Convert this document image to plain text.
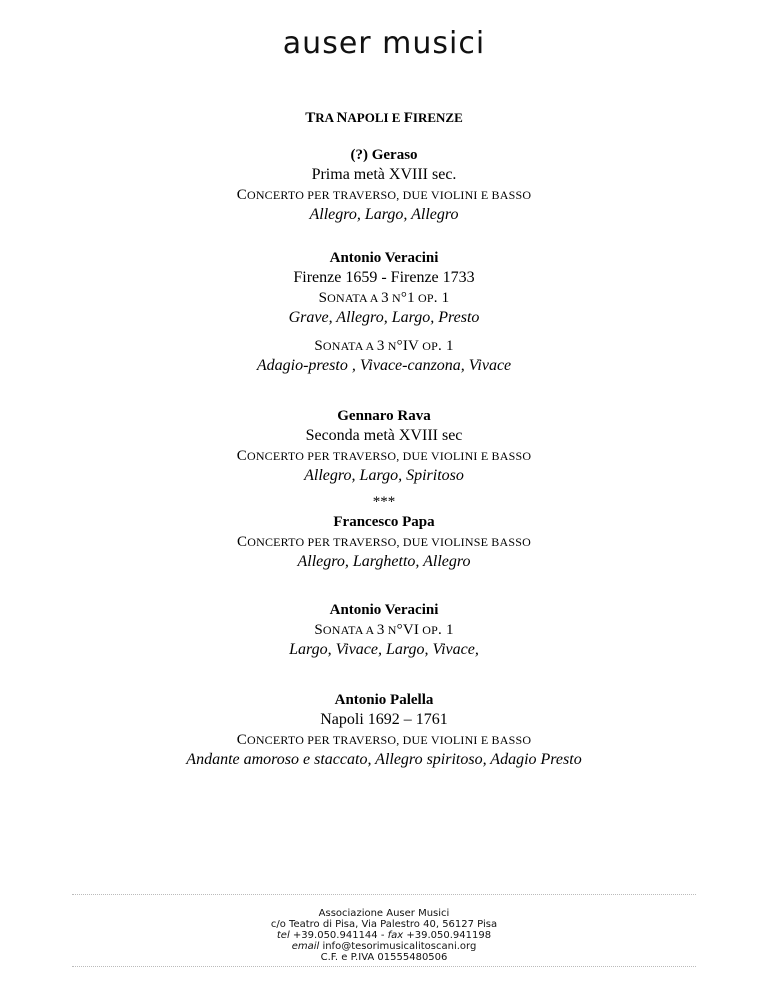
auser musici
TRA NAPOLI E FIRENZE
(?) Geraso
Prima metà XVIII sec.
CONCERTO PER TRAVERSO, DUE VIOLINI E BASSO
Allegro, Largo, Allegro
Antonio Veracini
Firenze 1659 - Firenze 1733
SONATA A 3 N°1 OP. 1
Grave, Allegro, Largo, Presto
SONATA A 3 N°IV OP. 1
Adagio-presto , Vivace-canzona, Vivace
Gennaro Rava
Seconda metà XVIII sec
CONCERTO PER TRAVERSO, DUE VIOLINI E BASSO
Allegro, Largo, Spiritoso
***
Francesco Papa
CONCERTO PER TRAVERSO, DUE VIOLINSE BASSO
Allegro, Larghetto, Allegro
Antonio Veracini
SONATA A 3 N°VI OP. 1
Largo, Vivace, Largo, Vivace,
Antonio Palella
Napoli 1692 – 1761
CONCERTO PER TRAVERSO, DUE VIOLINI E BASSO
Andante amoroso e staccato, Allegro spiritoso, Adagio Presto
Associazione Auser Musici
c/o Teatro di Pisa, Via Palestro 40, 56127 Pisa
tel +39.050.941144 - fax +39.050.941198
email info@tesorimusicalitoscani.org
C.F. e P.IVA 01555480506
